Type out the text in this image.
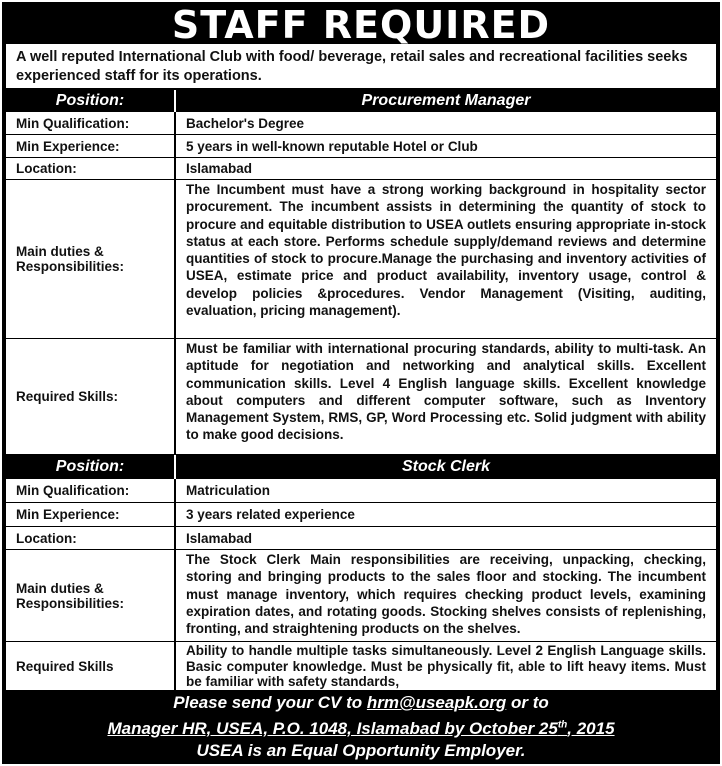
STAFF REQUIRED
A well reputed International Club with food/ beverage, retail sales and recreational facilities seeks experienced staff for its operations.
Position:	Procurement Manager
Min Qualification:	Bachelor's Degree
Min Experience:	5 years in well-known reputable Hotel or Club
Location:	Islamabad
Main duties & Responsibilities:
The Incumbent must have a strong working background in hospitality sector procurement. The incumbent assists in determining the quantity of stock to procure and equitable distribution to USEA outlets ensuring appropriate in-stock status at each store. Performs schedule supply/demand reviews and determine quantities of stock to procure.Manage the purchasing and inventory activities of USEA, estimate price and product availability, inventory usage, control & develop policies &procedures. Vendor Management (Visiting, auditing, evaluation, pricing management).
Required Skills:
Must be familiar with international procuring standards, ability to multi-task. An aptitude for negotiation and networking and analytical skills. Excellent communication skills. Level 4 English language skills. Excellent knowledge about computers and different computer software, such as Inventory Management System, RMS, GP, Word Processing etc. Solid judgment with ability to make good decisions.
Position:	Stock Clerk
Min Qualification:	Matriculation
Min Experience:	3 years related experience
Location:	Islamabad
Main duties & Responsibilities:
The Stock Clerk Main responsibilities are receiving, unpacking, checking, storing and bringing products to the sales floor and stocking. The incumbent must manage inventory, which requires checking product levels, examining expiration dates, and rotating goods. Stocking shelves consists of replenishing, fronting, and straightening products on the shelves.
Required Skills
Ability to handle multiple tasks simultaneously. Level 2 English Language skills. Basic computer knowledge. Must be physically fit, able to lift heavy items. Must be familiar with safety standards,
Please send your CV to hrm@useapk.org or to
Manager HR, USEA, P.O. 1048, Islamabad by October 25th, 2015
USEA is an Equal Opportunity Employer.
